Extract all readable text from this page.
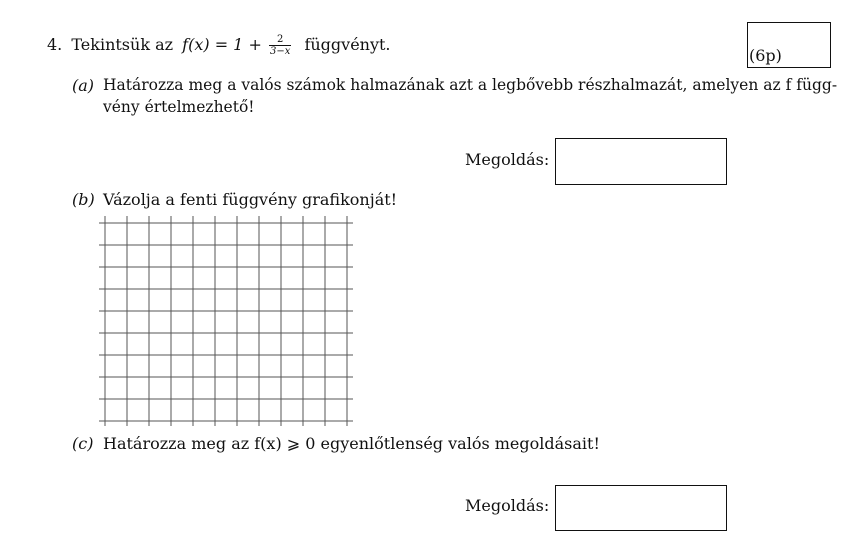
4. Tekintsük az $f(x) = 1 + \frac{2}{3-x}$ függvényt.
(6p)
(a) Határozza meg a valós számok halmazának azt a legbővebb részhalmazát, amelyen az f függ-
vény értelmezhető!
Megoldás:
(b) Vázolja a fenti függvény grafikonját!
(c) Határozza meg az f(x) ⩾ 0 egyenlőtlenség valós megoldásait!
Megoldás:
